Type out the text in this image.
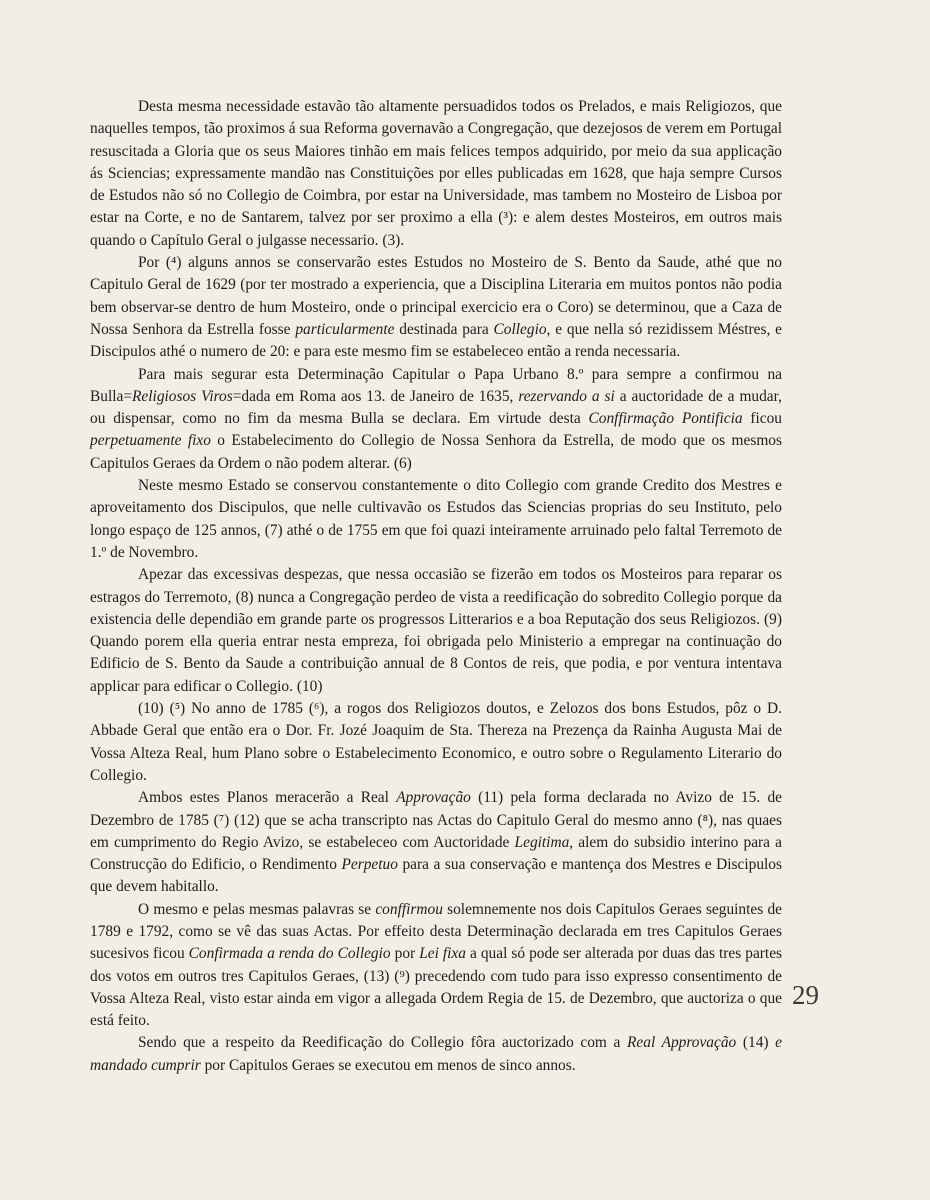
Desta mesma necessidade estavão tão altamente persuadidos todos os Prelados, e mais Religiozos, que naquelles tempos, tão proximos á sua Reforma governavão a Congregação, que dezejosos de verem em Portugal resuscitada a Gloria que os seus Maiores tinhão em mais felices tempos adquirido, por meio da sua applicação ás Sciencias; expressamente mandão nas Constituições por elles publicadas em 1628, que haja sempre Cursos de Estudos não só no Collegio de Coimbra, por estar na Universidade, mas tambem no Mosteiro de Lisboa por estar na Corte, e no de Santarem, talvez por ser proximo a ella (³): e alem destes Mosteiros, em outros mais quando o Capítulo Geral o julgasse necessario. (3).

Por (⁴) alguns annos se conservarão estes Estudos no Mosteiro de S. Bento da Saude, athé que no Capitulo Geral de 1629 (por ter mostrado a experiencia, que a Disciplina Literaria em muitos pontos não podia bem observar-se dentro de hum Mosteiro, onde o principal exercicio era o Coro) se determinou, que a Caza de Nossa Senhora da Estrella fosse particularmente destinada para Collegio, e que nella só rezidissem Méstres, e Discipulos athé o numero de 20: e para este mesmo fim se estabeleceo então a renda necessaria.

Para mais segurar esta Determinação Capitular o Papa Urbano 8.º para sempre a confirmou na Bulla=Religiosos Viros=dada em Roma aos 13. de Janeiro de 1635, rezervando a si a auctoridade de a mudar, ou dispensar, como no fim da mesma Bulla se declara. Em virtude desta Conffirmação Pontificia ficou perpetuamente fixo o Estabelecimento do Collegio de Nossa Senhora da Estrella, de modo que os mesmos Capitulos Geraes da Ordem o não podem alterar. (6)

Neste mesmo Estado se conservou constantemente o dito Collegio com grande Credito dos Mestres e aproveitamento dos Discipulos, que nelle cultivavão os Estudos das Sciencias proprias do seu Instituto, pelo longo espaço de 125 annos, (7) athé o de 1755 em que foi quazi inteiramente arruinado pelo faltal Terremoto de 1.º de Novembro.

Apezar das excessivas despezas, que nessa occasião se fizerão em todos os Mosteiros para reparar os estragos do Terremoto, (8) nunca a Congregação perdeo de vista a reedificação do sobredito Collegio porque da existencia delle dependião em grande parte os progressos Litterarios e a boa Reputação dos seus Religiozos. (9) Quando porem ella queria entrar nesta empreza, foi obrigada pelo Ministerio a empregar na continuação do Edificio de S. Bento da Saude a contribuição annual de 8 Contos de reis, que podia, e por ventura intentava applicar para edificar o Collegio. (10)

(10) (⁵) No anno de 1785 (⁶), a rogos dos Religiozos doutos, e Zelozos dos bons Estudos, pôz o D. Abbade Geral que então era o Dor. Fr. Jozé Joaquim de Sta. Thereza na Prezença da Rainha Augusta Mai de Vossa Alteza Real, hum Plano sobre o Estabelecimento Economico, e outro sobre o Regulamento Literario do Collegio.

Ambos estes Planos meracerão a Real Approvação (11) pela forma declarada no Avizo de 15. de Dezembro de 1785 (⁷) (12) que se acha transcripto nas Actas do Capitulo Geral do mesmo anno (⁸), nas quaes em cumprimento do Regio Avizo, se estabeleceo com Auctoridade Legitima, alem do subsidio interino para a Construcção do Edificio, o Rendimento Perpetuo para a sua conservação e mantença dos Mestres e Discipulos que devem habitallo.

O mesmo e pelas mesmas palavras se conffirmou solemnemente nos dois Capitulos Geraes seguintes de 1789 e 1792, como se vê das suas Actas. Por effeito desta Determinação declarada em tres Capitulos Geraes sucesivos ficou Confirmada a renda do Collegio por Lei fixa a qual só pode ser alterada por duas das tres partes dos votos em outros tres Capitulos Geraes, (13) (⁹) precedendo com tudo para isso expresso consentimento de Vossa Alteza Real, visto estar ainda em vigor a allegada Ordem Regia de 15. de Dezembro, que auctoriza o que está feito.

Sendo que a respeito da Reedificação do Collegio fôra auctorizado com a Real Approvação (14) e mandado cumprir por Capitulos Geraes se executou em menos de sinco annos.

29
